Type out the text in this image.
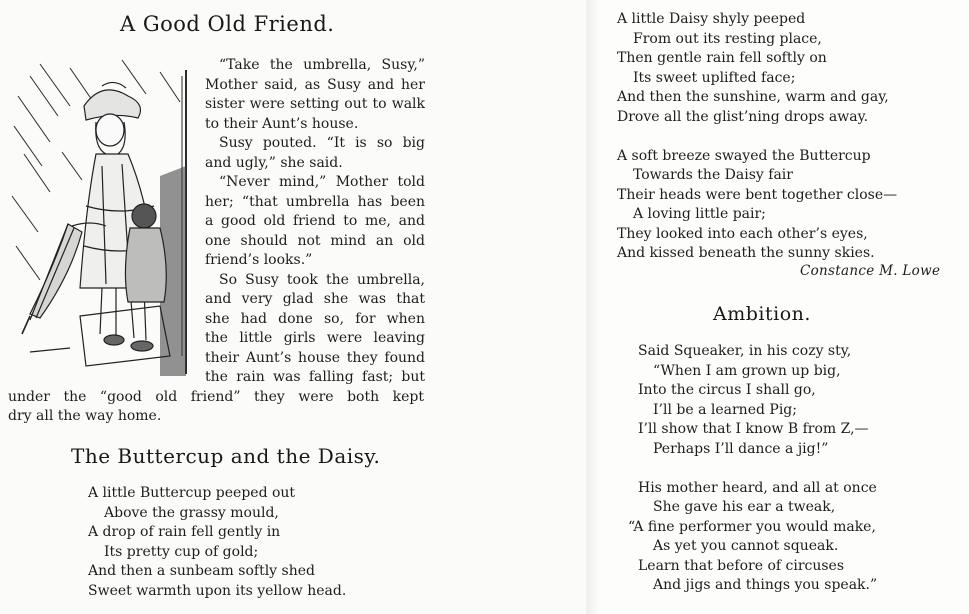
A Good Old Friend.

“Take the umbrella, Susy,”

Mother said, as Susy and her

sister were setting out to walk

to their Aunt’s house.

Susy pouted. “It is so big

and ugly,” she said.

“Never mind,” Mother told

her; “that umbrella has been

a good old friend to me, and

one should not mind an old

friend’s looks.”

So Susy took the umbrella,

and very glad she was that

she had done so, for when

the little girls were leaving

their Aunt’s house they found

the rain was falling fast; but

under the “good old friend” they were both kept

dry all the way home.

The Buttercup and the Daisy.
A little Buttercup peeped out
Above the grassy mould,
A drop of rain fell gently in
Its pretty cup of gold;
And then a sunbeam softly shed
Sweet warmth upon its yellow head.
A little Daisy shyly peeped
From out its resting place,
Then gentle rain fell softly on
Its sweet uplifted face;
And then the sunshine, warm and gay,
Drove all the glist’ning drops away.
A soft breeze swayed the Buttercup
Towards the Daisy fair
Their heads were bent together close—
A loving little pair;
They looked into each other’s eyes,
And kissed beneath the sunny skies.
Constance M. Lowe
Ambition.
Said Squeaker, in his cozy sty,
“When I am grown up big,
Into the circus I shall go,
I’ll be a learned Pig;
I’ll show that I know B from Z,—
Perhaps I’ll dance a jig!”
His mother heard, and all at once
She gave his ear a tweak,
“A fine performer you would make,
As yet you cannot squeak.
Learn that before of circuses
And jigs and things you speak.”
